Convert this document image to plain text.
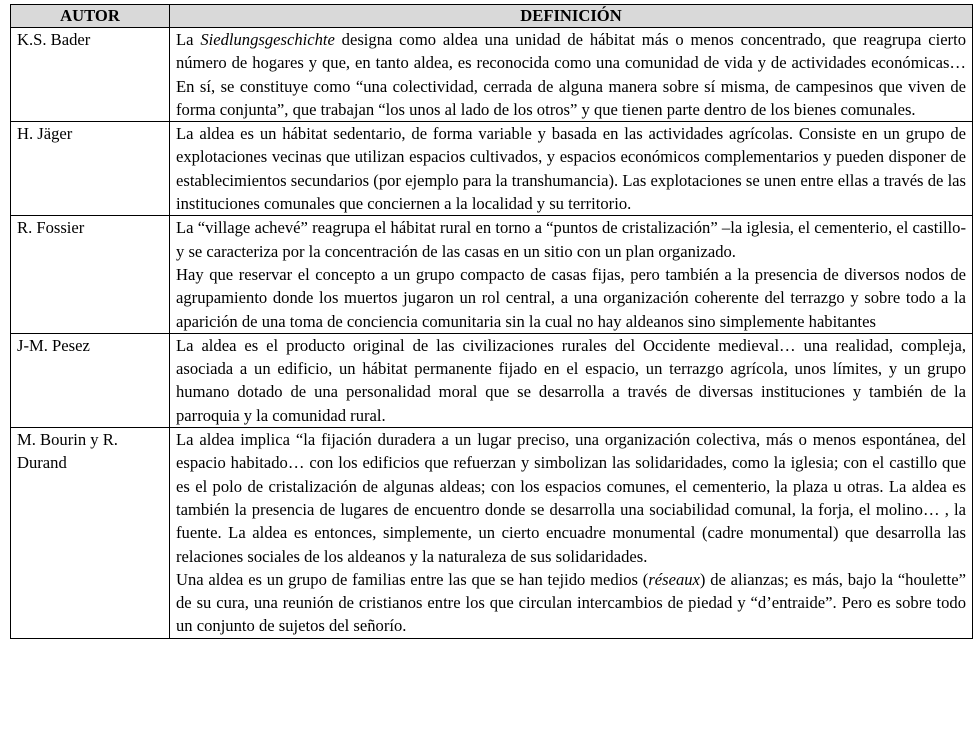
AUTOR	DEFINICIÓN
K.S. Bader	La Siedlungsgeschichte designa como aldea una unidad de hábitat más o menos concentrado, que reagrupa cierto número de hogares y que, en tanto aldea, es reconocida como una comunidad de vida y de actividades económicas… En sí, se constituye como “una colectividad, cerrada de alguna manera sobre sí misma, de campesinos que viven de forma conjunta”, que trabajan “los unos al lado de los otros” y que tienen parte dentro de los bienes comunales.
H. Jäger	La aldea es un hábitat sedentario, de forma variable y basada en las actividades agrícolas. Consiste en un grupo de explotaciones vecinas que utilizan espacios cultivados, y espacios económicos complementarios y pueden disponer de establecimientos secundarios (por ejemplo para la transhumancia). Las explotaciones se unen entre ellas a través de las instituciones comunales que conciernen a la localidad y su territorio.
R. Fossier	La “village achevé” reagrupa el hábitat rural en torno a “puntos de cristalización” –la iglesia, el cementerio, el castillo- y se caracteriza por la concentración de las casas en un sitio con un plan organizado.

Hay que reservar el concepto a un grupo compacto de casas fijas, pero también a la presencia de diversos nodos de agrupamiento donde los muertos jugaron un rol central, a una organización coherente del terrazgo y sobre todo a la aparición de una toma de conciencia comunitaria sin la cual no hay aldeanos sino simplemente habitantes

J-M. Pesez	La aldea es el producto original de las civilizaciones rurales del Occidente medieval… una realidad, compleja, asociada a un edificio, un hábitat permanente fijado en el espacio, un terrazgo agrícola, unos límites, y un grupo humano dotado de una personalidad moral que se desarrolla a través de diversas instituciones y también de la parroquia y la comunidad rural.
M. Bourin y R. Durand	La aldea implica “la fijación duradera a un lugar preciso, una organización colectiva, más o menos espontánea, del espacio habitado… con los edificios que refuerzan y simbolizan las solidaridades, como la iglesia; con el castillo que es el polo de cristalización de algunas aldeas; con los espacios comunes, el cementerio, la plaza u otras. La aldea es también la presencia de lugares de encuentro donde se desarrolla una sociabilidad comunal, la forja, el molino… , la fuente. La aldea es entonces, simplemente, un cierto encuadre monumental (cadre monumental) que desarrolla las relaciones sociales de los aldeanos y la naturaleza de sus solidaridades.

Una aldea es un grupo de familias entre las que se han tejido medios (réseaux) de alianzas; es más, bajo la “houlette” de su cura, una reunión de cristianos entre los que circulan intercambios de piedad y “d’entraide”. Pero es sobre todo un conjunto de sujetos del señorío.
